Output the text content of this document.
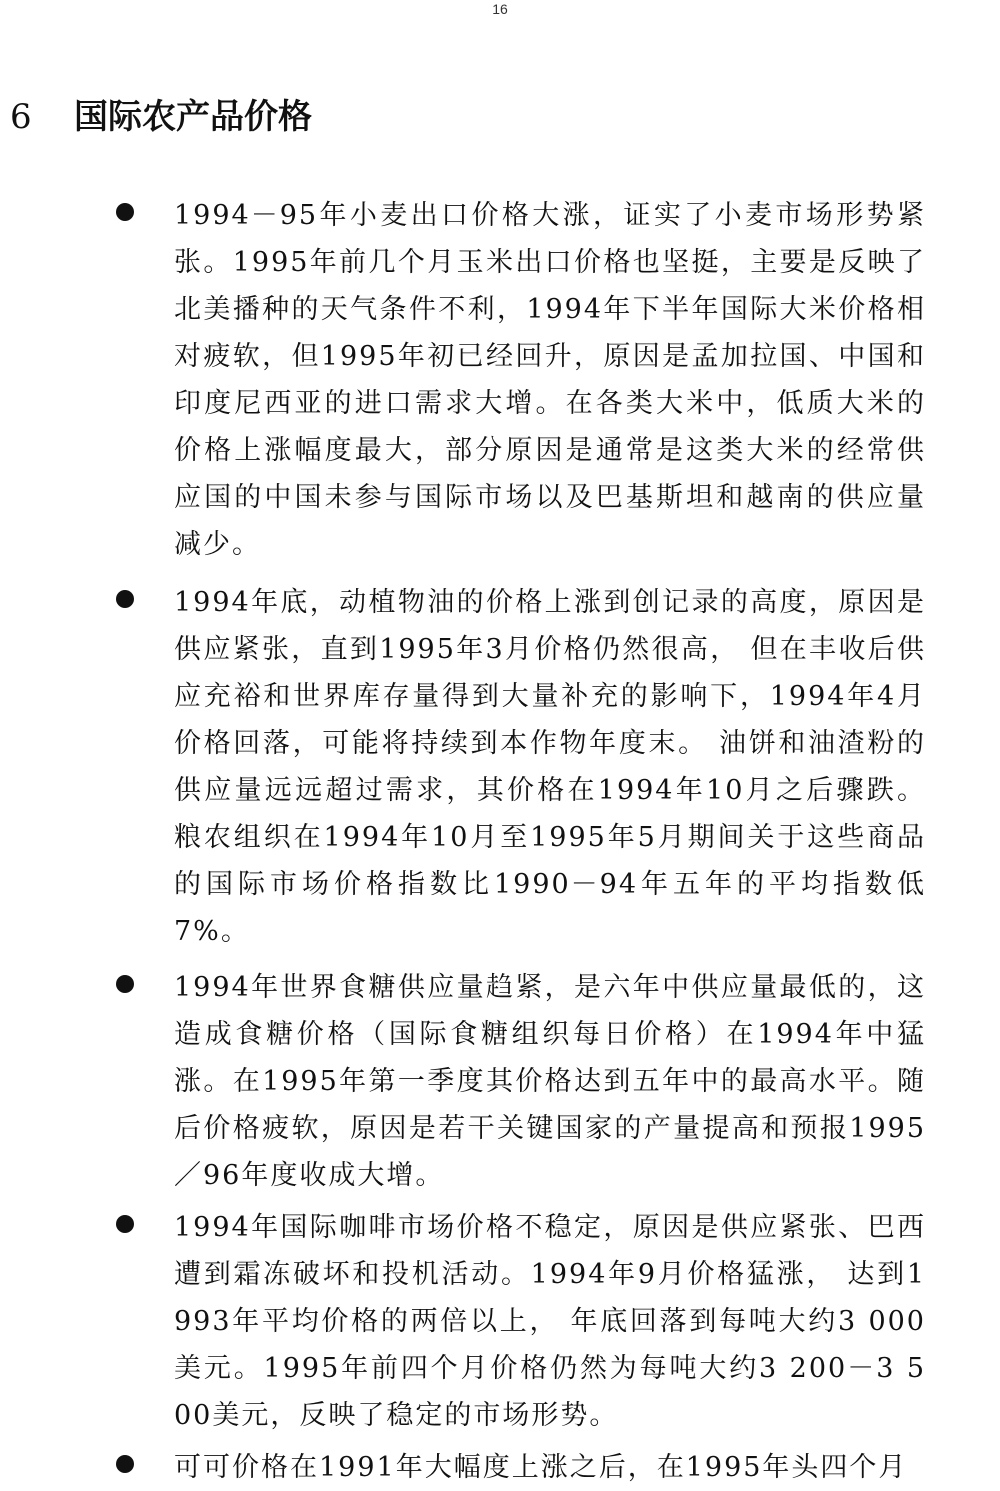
16
6 国际农产品价格
1994－95年小麦出口价格大涨，证实了小麦市场形势紧张。1995年前几个月玉米出口价格也坚挺，主要是反映了北美播种的天气条件不利，1994年下半年国际大米价格相对疲软，但1995年初已经回升，原因是孟加拉国、中国和印度尼西亚的进口需求大增。在各类大米中，低质大米的价格上涨幅度最大，部分原因是通常是这类大米的经常供应国的中国未参与国际市场以及巴基斯坦和越南的供应量减少。
1994年底，动植物油的价格上涨到创记录的高度，原因是供应紧张，直到1995年3月价格仍然很高， 但在丰收后供应充裕和世界库存量得到大量补充的影响下，1994年4月价格回落，可能将持续到本作物年度末。 油饼和油渣粉的供应量远远超过需求，其价格在1994年10月之后骤跌。 粮农组织在1994年10月至1995年5月期间关于这些商品的国际市场价格指数比1990－94年五年的平均指数低7%。
1994年世界食糖供应量趋紧，是六年中供应量最低的，这造成食糖价格（国际食糖组织每日价格）在1994年中猛涨。在1995年第一季度其价格达到五年中的最高水平。随后价格疲软，原因是若干关键国家的产量提高和预报1995／96年度收成大增。
1994年国际咖啡市场价格不稳定，原因是供应紧张、巴西遭到霜冻破坏和投机活动。1994年9月价格猛涨， 达到1993年平均价格的两倍以上， 年底回落到每吨大约3 000美元。1995年前四个月价格仍然为每吨大约3 200－3 500美元，反映了稳定的市场形势。
可可价格在1991年大幅度上涨之后，在1995年头四个月
